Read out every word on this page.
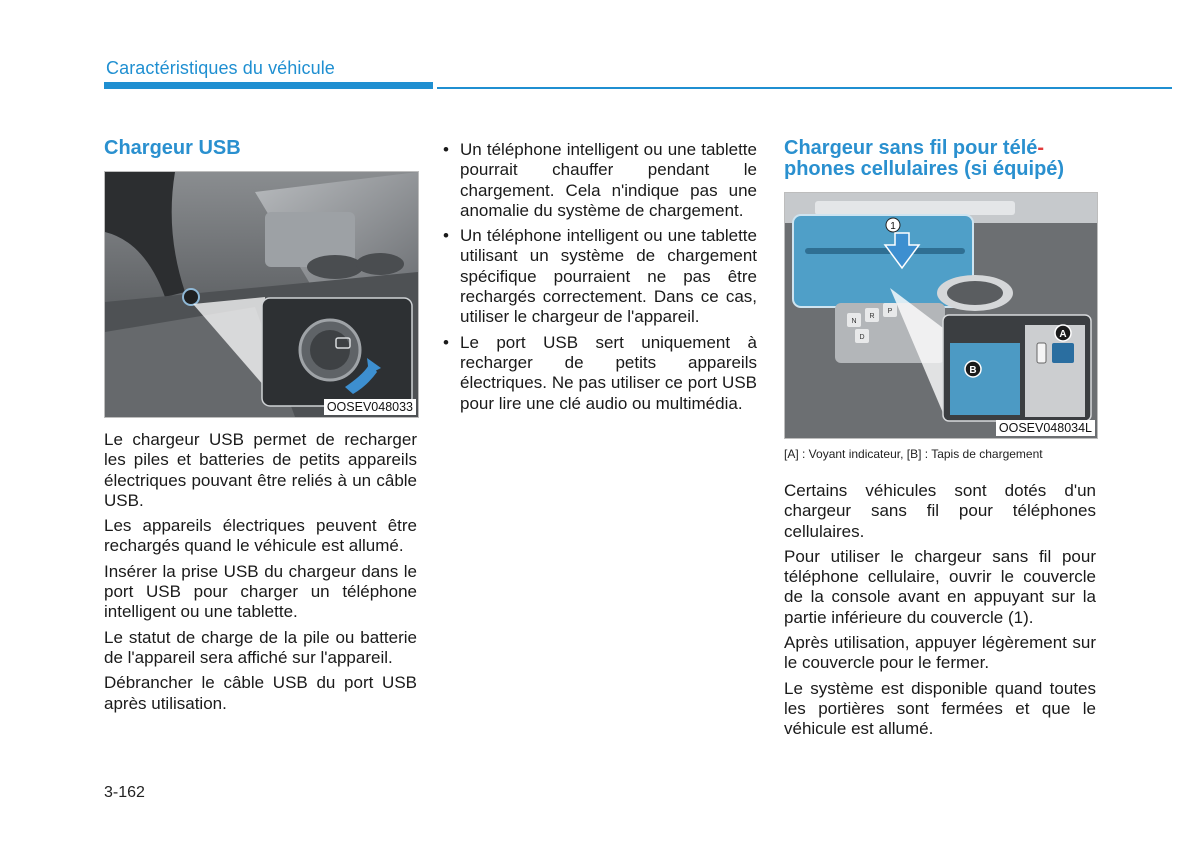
Caractéristiques du véhicule
Chargeur USB
OOSEV048033

Le chargeur USB permet de recharger les piles et batteries de petits appareils électriques pouvant être reliés à un câble USB.

Les appareils électriques peuvent être rechargés quand le véhicule est allumé.

Insérer la prise USB du chargeur dans le port USB pour charger un téléphone intelligent ou une tablette.

Le statut de charge de la pile ou batterie de l'appareil sera affiché sur l'appareil.

Débrancher le câble USB du port USB après utilisation.

• Un téléphone intelligent ou une tablette pourrait chauffer pendant le chargement. Cela n'indique pas une anomalie du système de chargement.
• Un téléphone intelligent ou une tablette utilisant un système de chargement spécifique pourraient ne pas être rechargés correctement. Dans ce cas, utiliser le chargeur de l'appareil.
• Le port USB sert uniquement à recharger de petits appareils électriques. Ne pas utiliser ce port USB pour lire une clé audio ou multimédia.
Chargeur sans fil pour télé-
phones cellulaires (si équipé)
1
P
R
N
D	A
B
OOSEV048034L

[A] : Voyant indicateur, [B] : Tapis de chargement

Certains véhicules sont dotés d'un chargeur sans fil pour téléphones cellulaires.

Pour utiliser le chargeur sans fil pour téléphone cellulaire, ouvrir le couvercle de la console avant en appuyant sur la partie inférieure du couvercle (1).

Après utilisation, appuyer légèrement sur le couvercle pour le fermer.

Le système est disponible quand toutes les portières sont fermées et que le véhicule est allumé.

3-162
